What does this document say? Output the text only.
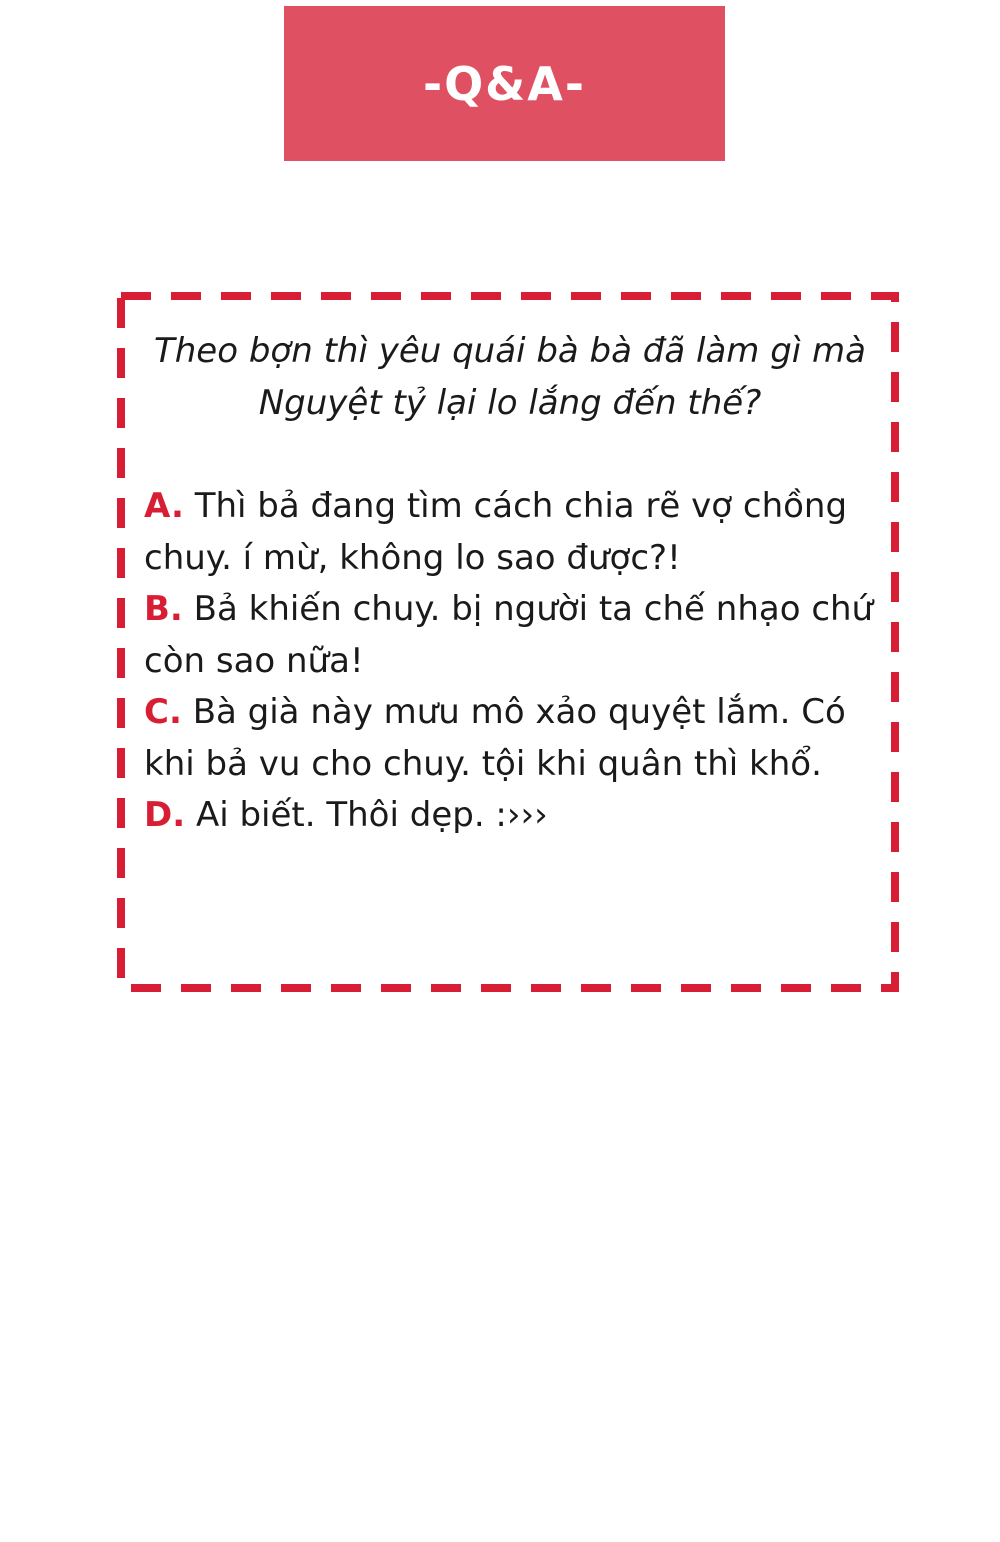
-Q&A-

Theo bợn thì yêu quái bà bà đã làm gì mà Nguyệt tỷ lại lo lắng đến thế?

A. Thì bả đang tìm cách chia rẽ vợ chồng chuy. í mừ, không lo sao được?!
B. Bả khiến chuy. bị người ta chế nhạo chứ còn sao nữa!
C. Bà già này mưu mô xảo quyệt lắm. Có khi bả vu cho chuy. tội khi quân thì khổ.
D. Ai biết. Thôi dẹp. :›››
